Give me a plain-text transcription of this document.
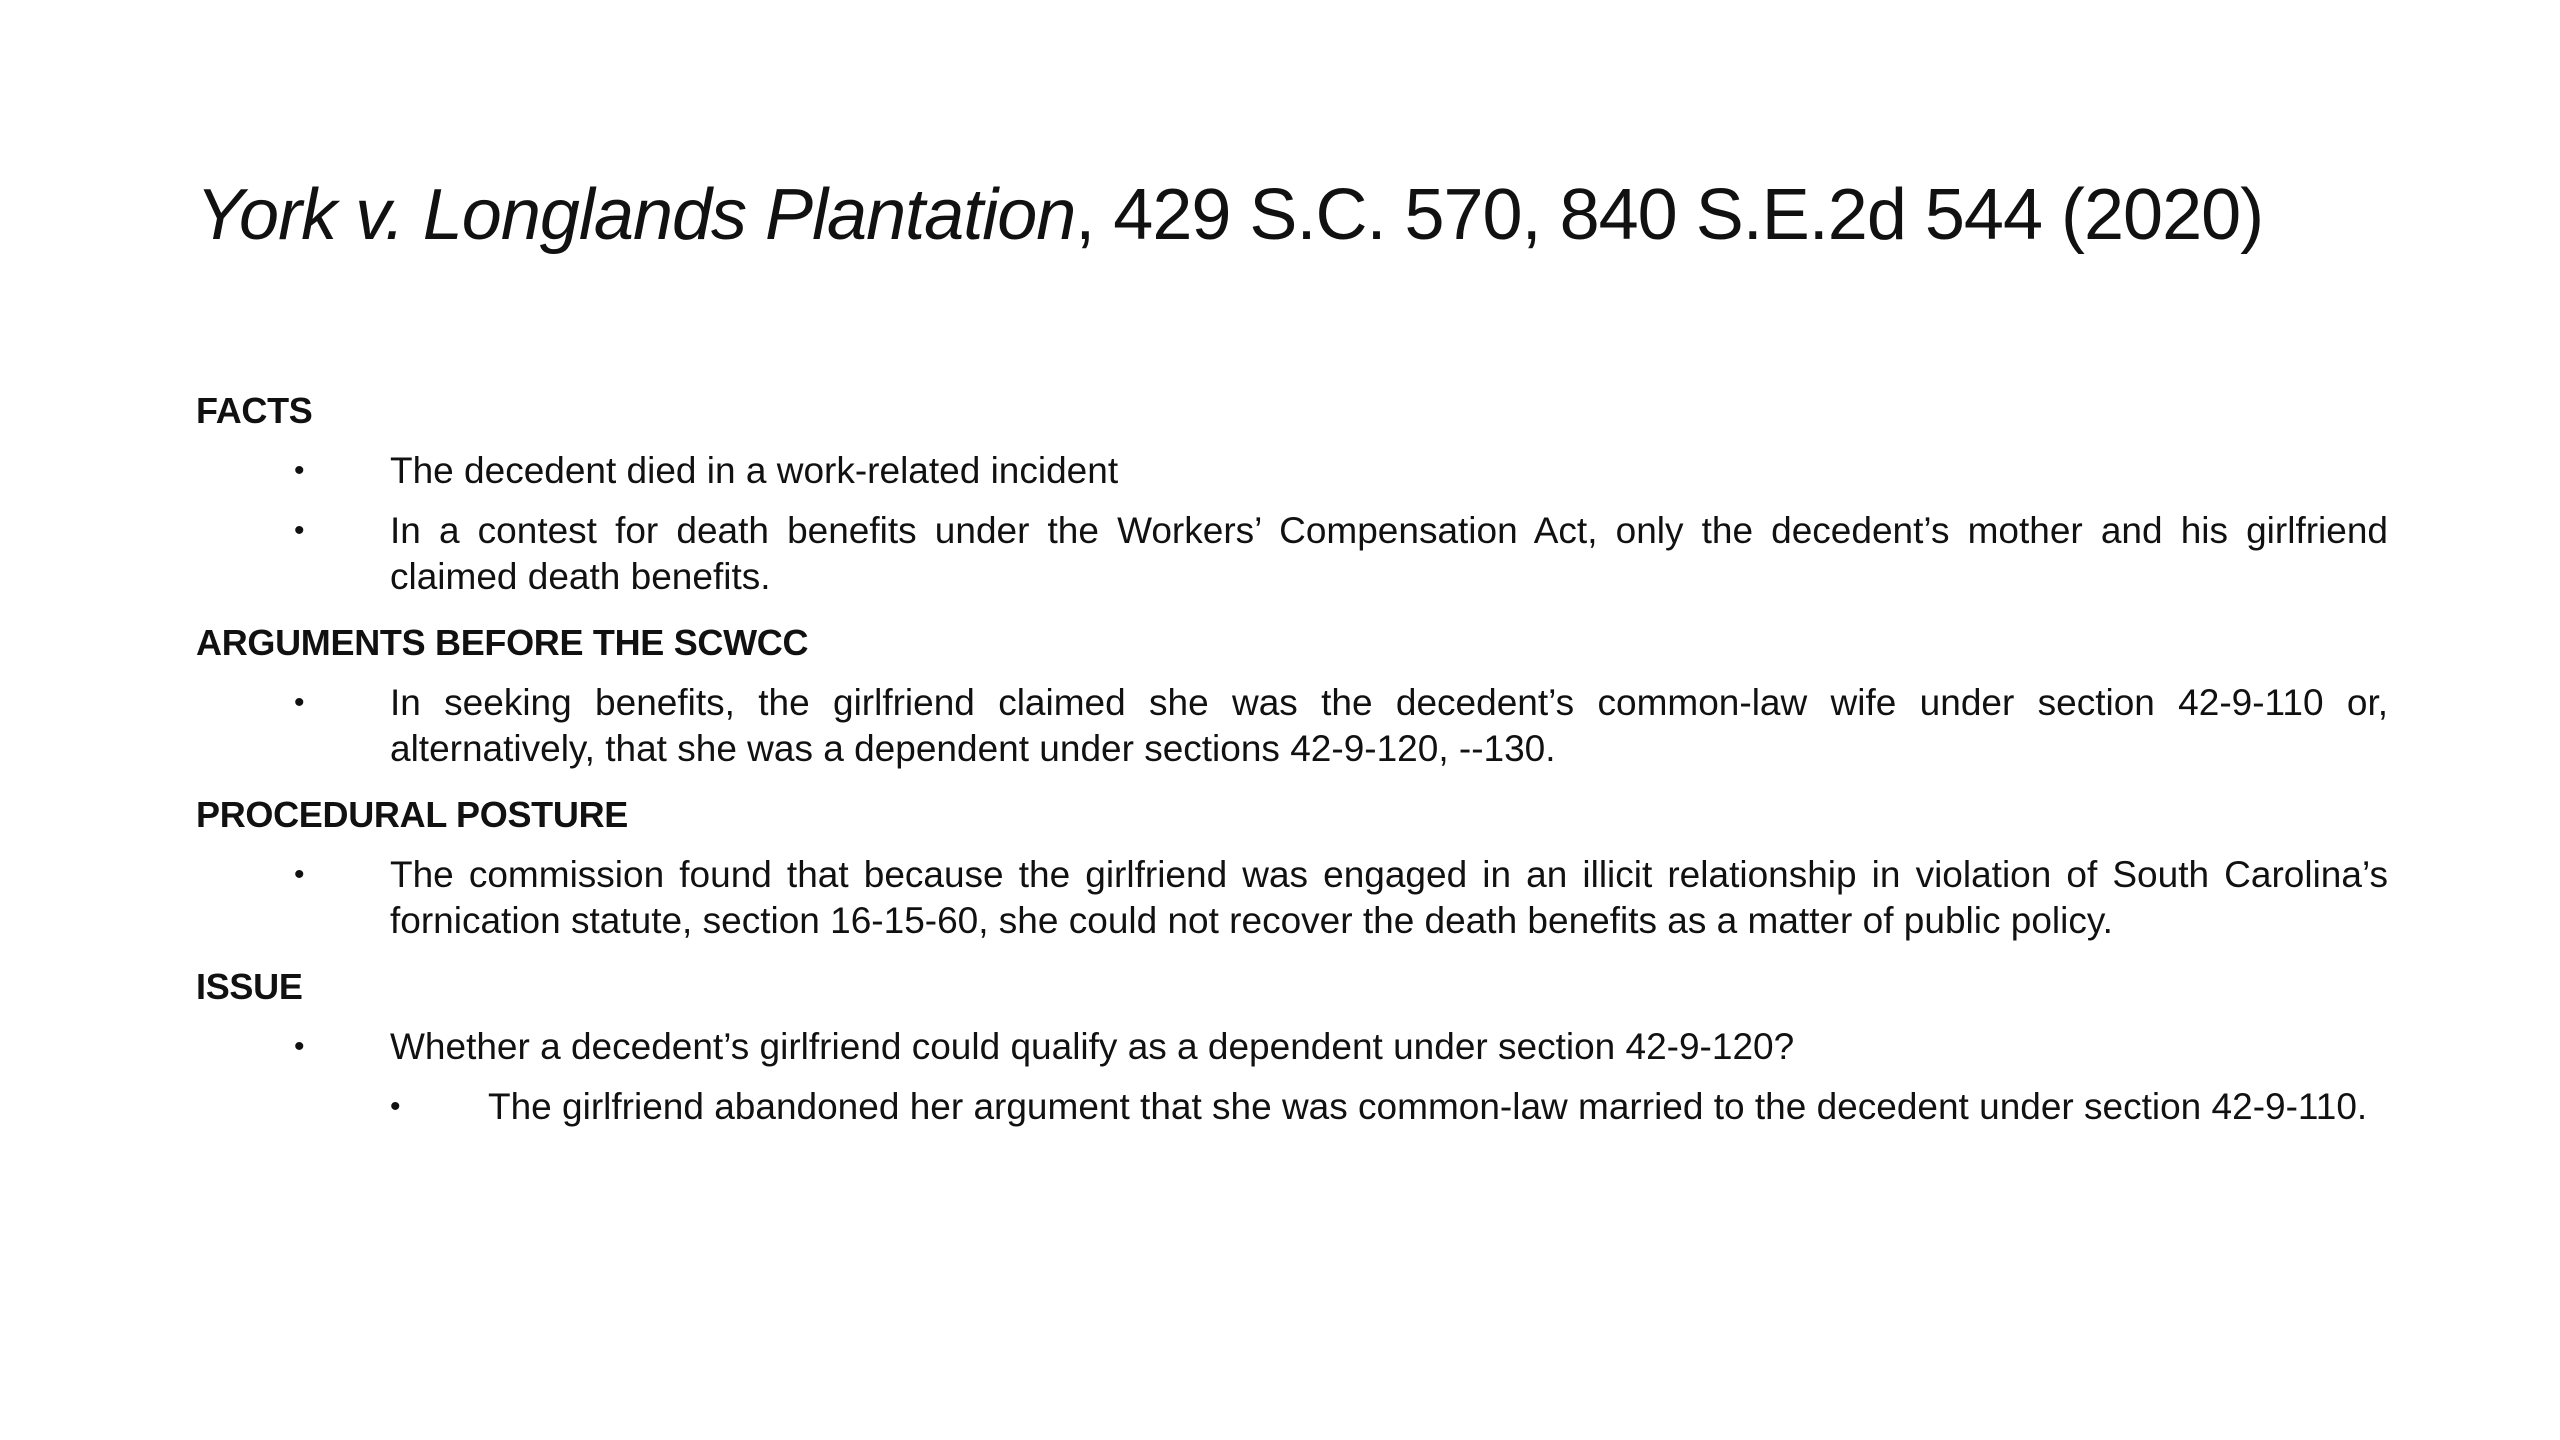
York v. Longlands Plantation, 429 S.C. 570, 840 S.E.2d 544 (2020)
FACTS
• The decedent died in a work-related incident
• In a contest for death benefits under the Workers’ Compensation Act, only the decedent’s mother and his girlfriend claimed death benefits.
ARGUMENTS BEFORE THE SCWCC
• In seeking benefits, the girlfriend claimed she was the decedent’s common-law wife under section 42-9-110 or, alternatively, that she was a dependent under sections 42-9-120, --130.
PROCEDURAL POSTURE
• The commission found that because the girlfriend was engaged in an illicit relationship in violation of South Carolina’s fornication statute, section 16-15-60, she could not recover the death benefits as a matter of public policy.
ISSUE
• Whether a decedent’s girlfriend could qualify as a dependent under section 42-9-120?
• The girlfriend abandoned her argument that she was common-law married to the decedent under section 42-9-110.
